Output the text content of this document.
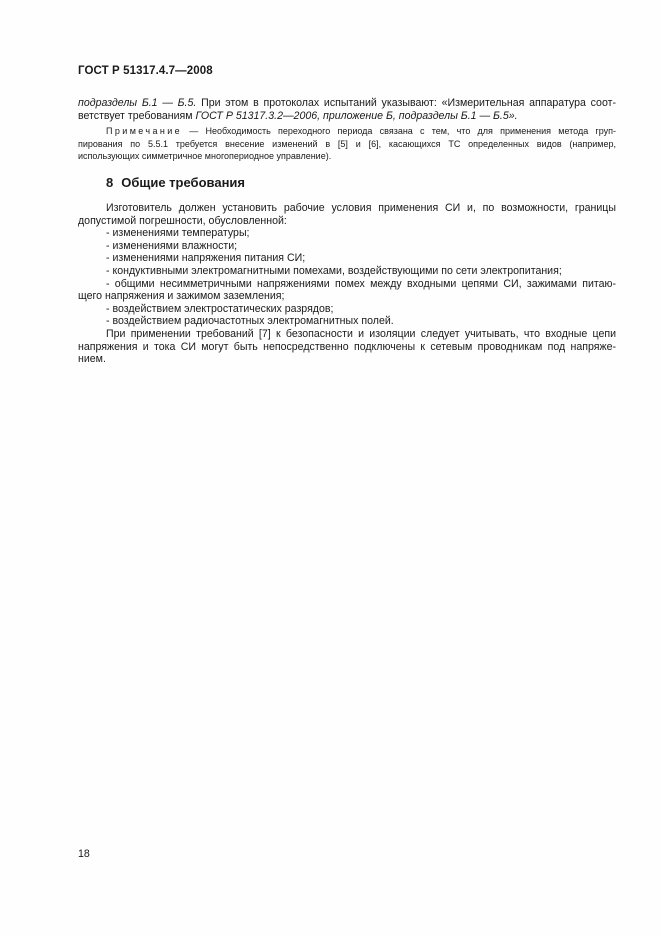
ГОСТ Р 51317.4.7—2008
подразделы Б.1 — Б.5. При этом в протоколах испытаний указывают: «Измерительная аппаратура соот-
ветствует требованиям ГОСТ Р 51317.3.2—2006, приложение Б, подразделы Б.1 — Б.5».
Примечание — Необходимость переходного периода связана с тем, что для применения метода груп-
пирования по 5.5.1 требуется внесение изменений в [5] и [6], касающихся ТС определенных видов (например,
использующих симметричное многопериодное управление).
8 Общие требования
Изготовитель должен установить рабочие условия применения СИ и, по возможности, границы
допустимой погрешности, обусловленной:
- изменениями температуры;
- изменениями влажности;
- изменениями напряжения питания СИ;
- кондуктивными электромагнитными помехами, воздействующими по сети электропитания;
- общими несимметричными напряжениями помех между входными цепями СИ, зажимами питаю-
щего напряжения и зажимом заземления;
- воздействием электростатических разрядов;
- воздействием радиочастотных электромагнитных полей.
При применении требований [7] к безопасности и изоляции следует учитывать, что входные цепи
напряжения и тока СИ могут быть непосредственно подключены к сетевым проводникам под напряже-
нием.
18
